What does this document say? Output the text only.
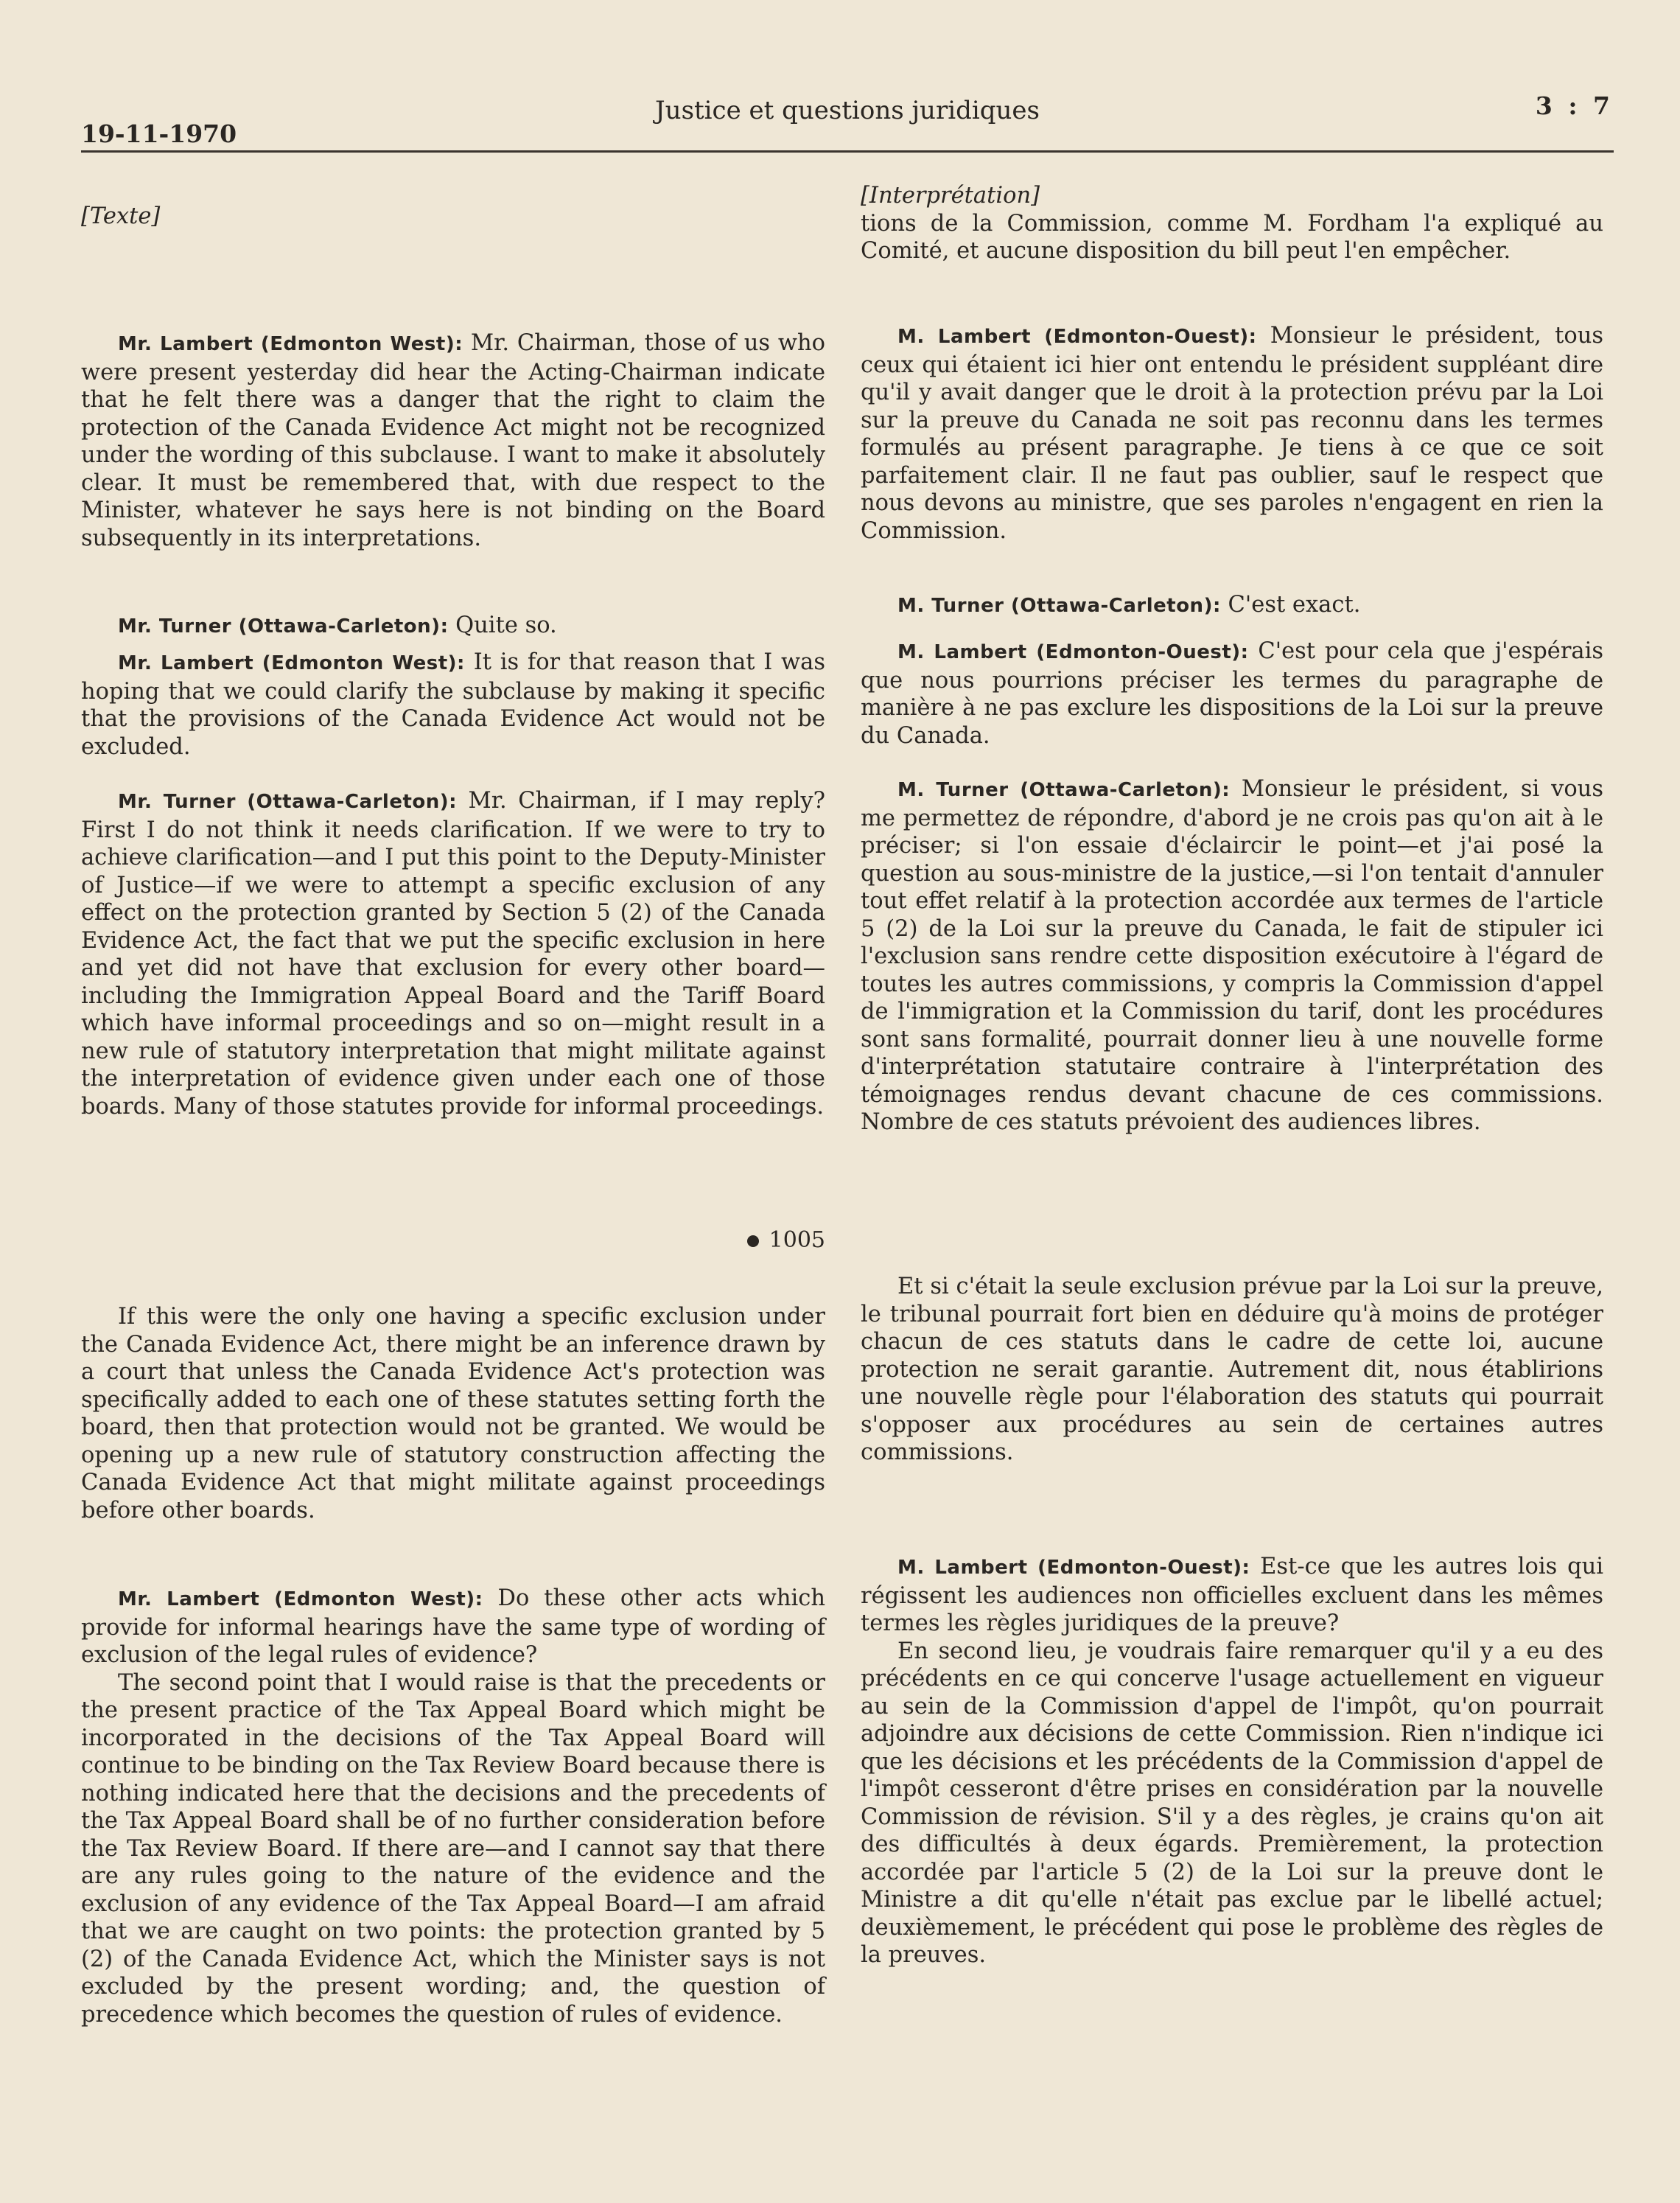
19-11-1970
Justice et questions juridiques	3 : 7

[Texte]

Mr. Lambert (Edmonton West): Mr. Chairman, those of us who were present yesterday did hear the Acting-Chairman indicate that he felt there was a danger that the right to claim the protection of the Canada Evidence Act might not be recognized under the wording of this subclause. I want to make it absolutely clear. It must be remembered that, with due respect to the Minister, whatever he says here is not binding on the Board subsequently in its interpretations.

Mr. Turner (Ottawa-Carleton): Quite so.

Mr. Lambert (Edmonton West): It is for that reason that I was hoping that we could clarify the subclause by making it specific that the provisions of the Canada Evidence Act would not be excluded.

Mr. Turner (Ottawa-Carleton): Mr. Chairman, if I may reply? First I do not think it needs clarification. If we were to try to achieve clarification—and I put this point to the Deputy-Minister of Justice—if we were to attempt a specific exclusion of any effect on the protection granted by Section 5 (2) of the Canada Evidence Act, the fact that we put the specific exclusion in here and yet did not have that exclusion for every other board—including the Immigration Appeal Board and the Tariff Board which have informal proceedings and so on—might result in a new rule of statutory interpretation that might militate against the interpretation of evidence given under each one of those boards. Many of those statutes provide for informal proceedings.

1005

If this were the only one having a specific exclusion under the Canada Evidence Act, there might be an inference drawn by a court that unless the Canada Evidence Act's protection was specifically added to each one of these statutes setting forth the board, then that protection would not be granted. We would be opening up a new rule of statutory construction affecting the Canada Evidence Act that might militate against proceedings before other boards.

Mr. Lambert (Edmonton West): Do these other acts which provide for informal hearings have the same type of wording of exclusion of the legal rules of evidence?

The second point that I would raise is that the precedents or the present practice of the Tax Appeal Board which might be incorporated in the decisions of the Tax Appeal Board will continue to be binding on the Tax Review Board because there is nothing indicated here that the decisions and the precedents of the Tax Appeal Board shall be of no further consideration before the Tax Review Board. If there are—and I cannot say that there are any rules going to the nature of the evidence and the exclusion of any evidence of the Tax Appeal Board—I am afraid that we are caught on two points: the protection granted by 5 (2) of the Canada Evidence Act, which the Minister says is not excluded by the present wording; and, the question of precedence which becomes the question of rules of evidence.

[Interprétation]

tions de la Commission, comme M. Fordham l'a expliqué au Comité, et aucune disposition du bill peut l'en empêcher.

M. Lambert (Edmonton-Ouest): Monsieur le président, tous ceux qui étaient ici hier ont entendu le président suppléant dire qu'il y avait danger que le droit à la protection prévu par la Loi sur la preuve du Canada ne soit pas reconnu dans les termes formulés au présent paragraphe. Je tiens à ce que ce soit parfaitement clair. Il ne faut pas oublier, sauf le respect que nous devons au ministre, que ses paroles n'engagent en rien la Commission.

M. Turner (Ottawa-Carleton): C'est exact.

M. Lambert (Edmonton-Ouest): C'est pour cela que j'espérais que nous pourrions préciser les termes du paragraphe de manière à ne pas exclure les dispositions de la Loi sur la preuve du Canada.

M. Turner (Ottawa-Carleton): Monsieur le président, si vous me permettez de répondre, d'abord je ne crois pas qu'on ait à le préciser; si l'on essaie d'éclaircir le point—et j'ai posé la question au sous-ministre de la justice,—si l'on tentait d'annuler tout effet relatif à la protection accordée aux termes de l'article 5 (2) de la Loi sur la preuve du Canada, le fait de stipuler ici l'exclusion sans rendre cette disposition exécutoire à l'égard de toutes les autres commissions, y compris la Commission d'appel de l'immigration et la Commission du tarif, dont les procédures sont sans formalité, pourrait donner lieu à une nouvelle forme d'interprétation statutaire contraire à l'interprétation des témoignages rendus devant chacune de ces commissions. Nombre de ces statuts prévoient des audiences libres.

Et si c'était la seule exclusion prévue par la Loi sur la preuve, le tribunal pourrait fort bien en déduire qu'à moins de protéger chacun de ces statuts dans le cadre de cette loi, aucune protection ne serait garantie. Autrement dit, nous établirions une nouvelle règle pour l'élaboration des statuts qui pourrait s'opposer aux procédures au sein de certaines autres commissions.

M. Lambert (Edmonton-Ouest): Est-ce que les autres lois qui régissent les audiences non officielles excluent dans les mêmes termes les règles juridiques de la preuve?

En second lieu, je voudrais faire remarquer qu'il y a eu des précédents en ce qui concerve l'usage actuellement en vigueur au sein de la Commission d'appel de l'impôt, qu'on pourrait adjoindre aux décisions de cette Commission. Rien n'indique ici que les décisions et les précédents de la Commission d'appel de l'impôt cesseront d'être prises en considération par la nouvelle Commission de révision. S'il y a des règles, je crains qu'on ait des difficultés à deux égards. Premièrement, la protection accordée par l'article 5 (2) de la Loi sur la preuve dont le Ministre a dit qu'elle n'était pas exclue par le libellé actuel; deuxièmement, le précédent qui pose le problème des règles de la preuves.
